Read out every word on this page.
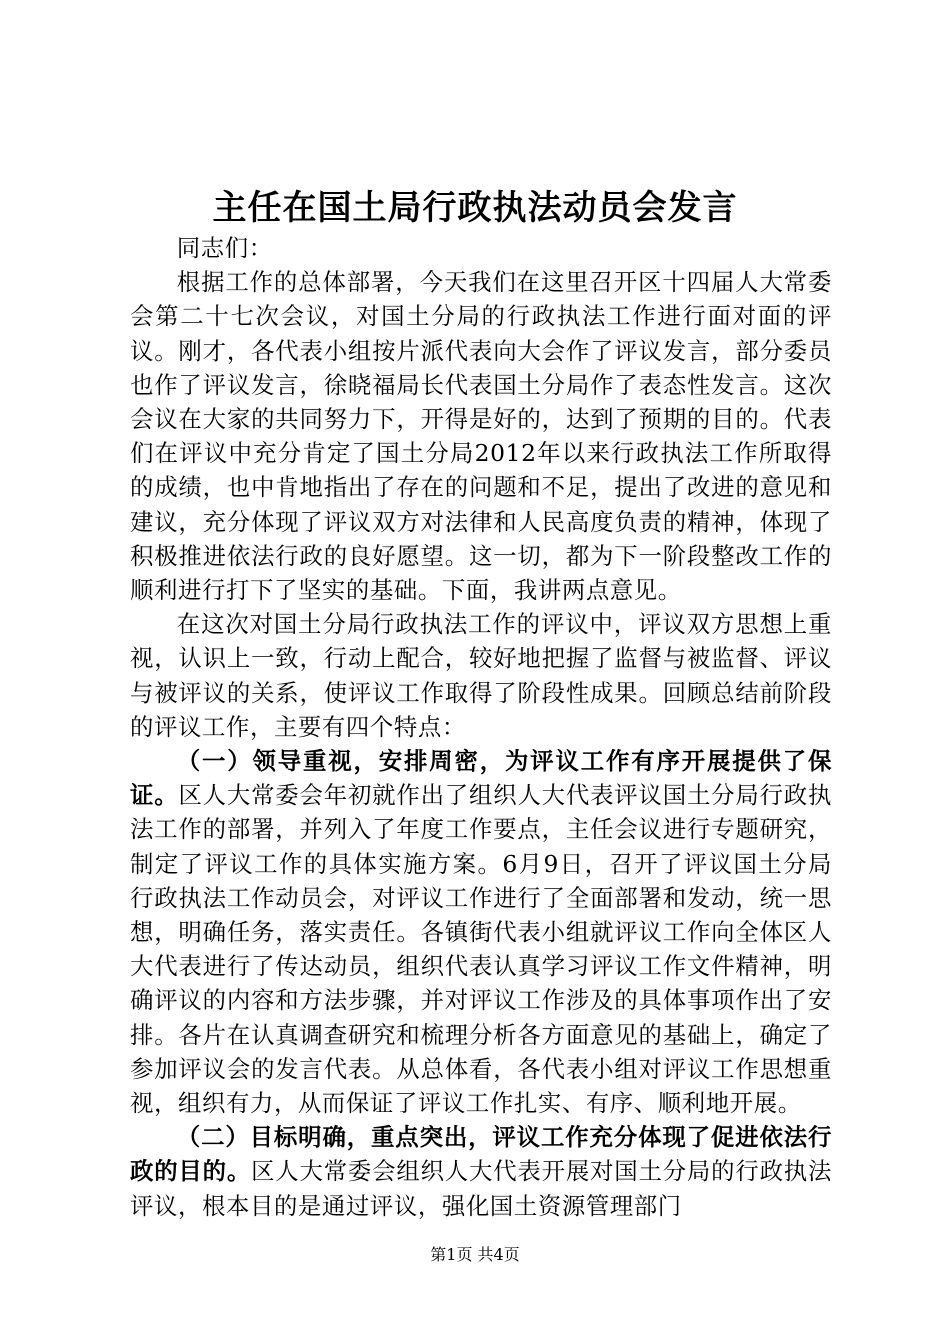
主任在国土局行政执法动员会发言

同志们：

根据工作的总体部署，今天我们在这里召开区十四届人大常委会第二十七次会议，对国土分局的行政执法工作进行面对面的评议。刚才，各代表小组按片派代表向大会作了评议发言，部分委员也作了评议发言，徐晓福局长代表国土分局作了表态性发言。这次会议在大家的共同努力下，开得是好的，达到了预期的目的。代表们在评议中充分肯定了国土分局2012年以来行政执法工作所取得的成绩，也中肯地指出了存在的问题和不足，提出了改进的意见和建议，充分体现了评议双方对法律和人民高度负责的精神，体现了积极推进依法行政的良好愿望。这一切，都为下一阶段整改工作的顺利进行打下了坚实的基础。下面，我讲两点意见。

在这次对国土分局行政执法工作的评议中，评议双方思想上重视，认识上一致，行动上配合，较好地把握了监督与被监督、评议与被评议的关系，使评议工作取得了阶段性成果。回顾总结前阶段的评议工作，主要有四个特点：

（一）领导重视，安排周密，为评议工作有序开展提供了保证。区人大常委会年初就作出了组织人大代表评议国土分局行政执法工作的部署，并列入了年度工作要点，主任会议进行专题研究，制定了评议工作的具体实施方案。6月9日，召开了评议国土分局行政执法工作动员会，对评议工作进行了全面部署和发动，统一思想，明确任务，落实责任。各镇街代表小组就评议工作向全体区人大代表进行了传达动员，组织代表认真学习评议工作文件精神，明确评议的内容和方法步骤，并对评议工作涉及的具体事项作出了安排。各片在认真调查研究和梳理分析各方面意见的基础上，确定了参加评议会的发言代表。从总体看，各代表小组对评议工作思想重视，组织有力，从而保证了评议工作扎实、有序、顺利地开展。

（二）目标明确，重点突出，评议工作充分体现了促进依法行政的目的。区人大常委会组织人大代表开展对国土分局的行政执法评议，根本目的是通过评议，强化国土资源管理部门

第1页 共4页
